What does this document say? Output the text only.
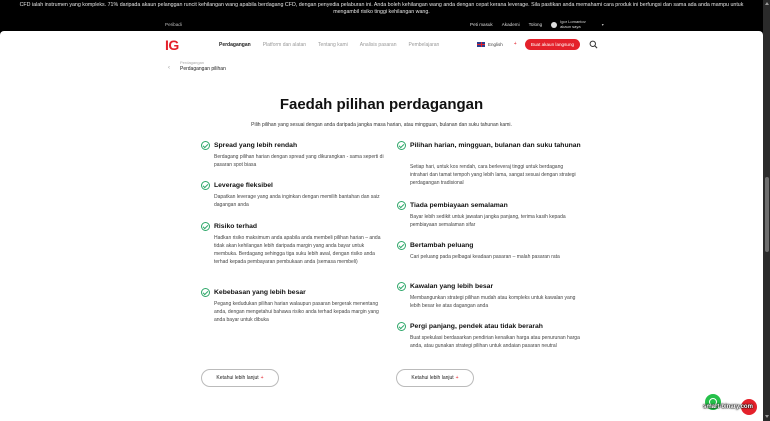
CFD ialah instrumen yang kompleks. 71% daripada akaun pelanggan runcit kehilangan wang apabila berdagang CFD, dengan penyedia pelaburan ini. Anda boleh kehilangan wang anda dengan cepat kerana leverage. Sila pastikan anda memahami cara produk ini berfungsi dan sama ada anda mampu untuk mengambil risiko tinggi kehilangan wang.
Peribadi	Peti masuk Akademi Tolong
Igor Lomantov
akaun saya	▾
IG	Perdagangan Platform dan alatan Tentang kami Analisis pasaran Pembelajaran	English +	Buat akaun langsung
‹
Perdagangan
Perdagangan pilihan
Faedah pilihan perdagangan

Pilih pilihan yang sesuai dengan anda daripada jangka masa harian, atau mingguan, bulanan dan suku tahunan kami.

Spread yang lebih rendah
Berdagang pilihan harian dengan spread yang dikurangkan - sama seperti di pasaran spot biasa
Leverage fleksibel
Dapatkan leverage yang anda inginkan dengan memilih bantahan dan saiz dagangan anda
Risiko terhad
Hadkan risiko maksimum anda apabila anda membeli pilihan harian – anda tidak akan kehilangan lebih daripada margin yang anda bayar untuk membuka. Berdagang sehingga tiga suku lebih awal, dengan risiko anda terhad kepada pembayaran pembukaan anda (semasa membeli)
Kebebasan yang lebih besar
Pegang kedudukan pilihan harian walaupun pasaran bergerak menentang anda, dengan mengetahui bahawa risiko anda terhad kepada margin yang anda bayar untuk dibuka
Pilihan harian, mingguan, bulanan dan suku tahunan
Setiap hari, untuk kos rendah, cara berleveraj tinggi untuk berdagang intrahari dan tamat tempoh yang lebih lama, sangat sesuai dengan strategi perdagangan tradisional
Tiada pembiayaan semalaman
Bayar lebih sedikit untuk jawatan jangka panjang, terima kasih kepada pembiayaan semalaman sifar
Bertambah peluang
Cari peluang pada pelbagai keadaan pasaran – malah pasaran rata
Kawalan yang lebih besar
Membangunkan strategi pilihan mudah atau kompleks untuk kawalan yang lebih besar ke atas dagangan anda
Pergi panjang, pendek atau tidak berarah
Buat spekulasi berdasarkan pendirian kenaikan harga atau penurunan harga anda, atau gunakan strategi pilihan untuk andaian pasaran neutral
Ketahui lebih lanjut +	Ketahui lebih lanjut +
smart-binary.com
